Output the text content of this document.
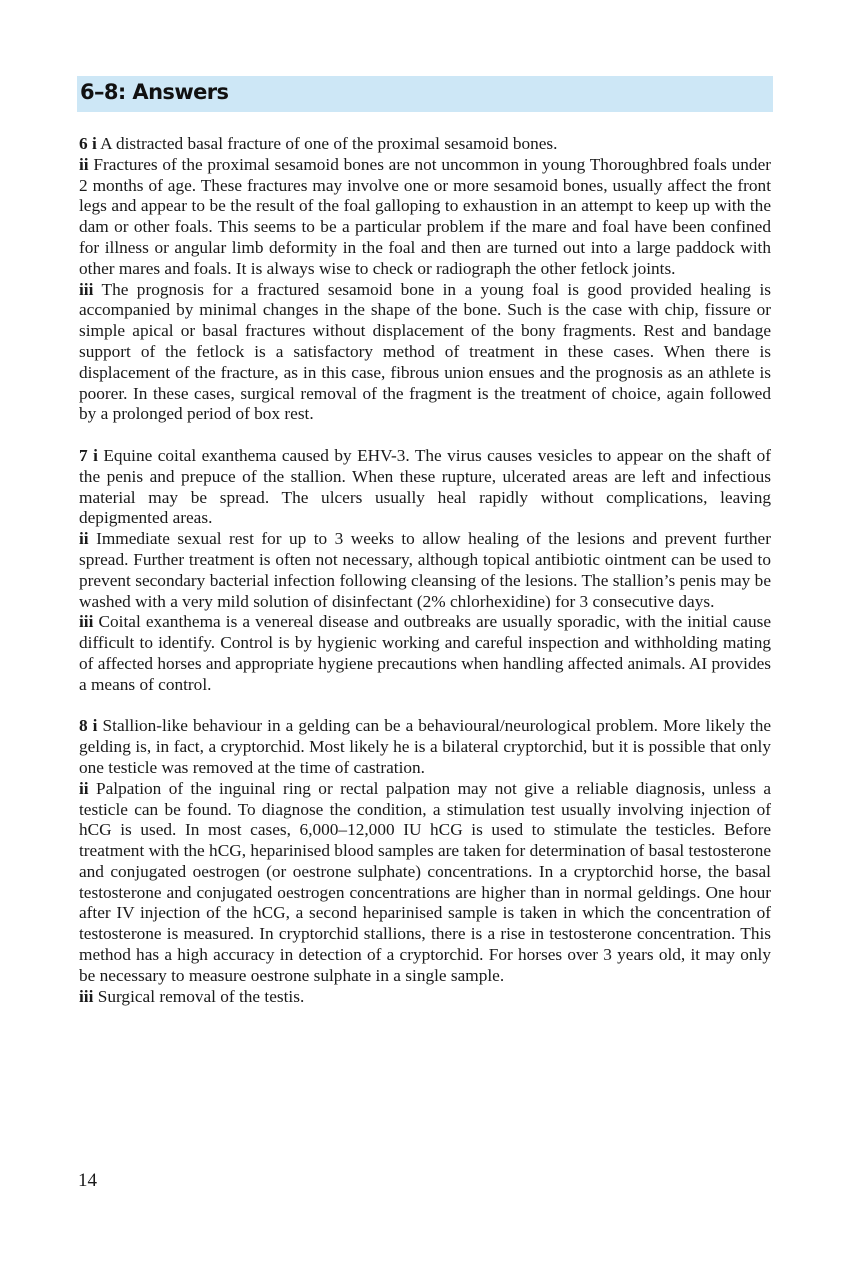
6–8: Answers

6 i A distracted basal fracture of one of the proximal sesamoid bones.

ii Fractures of the proximal sesamoid bones are not uncommon in young Thoroughbred foals under 2 months of age. These fractures may involve one or more sesamoid bones, usually affect the front legs and appear to be the result of the foal galloping to exhaustion in an attempt to keep up with the dam or other foals. This seems to be a particular problem if the mare and foal have been confined for illness or angular limb deformity in the foal and then are turned out into a large paddock with other mares and foals. It is always wise to check or radiograph the other fetlock joints.

iii The prognosis for a fractured sesamoid bone in a young foal is good provided healing is accompanied by minimal changes in the shape of the bone. Such is the case with chip, fissure or simple apical or basal fractures without displacement of the bony fragments. Rest and bandage support of the fetlock is a satisfactory method of treatment in these cases. When there is displacement of the fracture, as in this case, fibrous union ensues and the prognosis as an athlete is poorer. In these cases, surgical removal of the fragment is the treatment of choice, again followed by a prolonged period of box rest.

7 i Equine coital exanthema caused by EHV-3. The virus causes vesicles to appear on the shaft of the penis and prepuce of the stallion. When these rupture, ulcerated areas are left and infectious material may be spread. The ulcers usually heal rapidly without complications, leaving depigmented areas.

ii Immediate sexual rest for up to 3 weeks to allow healing of the lesions and prevent further spread. Further treatment is often not necessary, although topical antibiotic ointment can be used to prevent secondary bacterial infection following cleansing of the lesions. The stallion’s penis may be washed with a very mild solution of disinfectant (2% chlorhexidine) for 3 consecutive days.

iii Coital exanthema is a venereal disease and outbreaks are usually sporadic, with the initial cause difficult to identify. Control is by hygienic working and careful inspection and withholding mating of affected horses and appropriate hygiene precautions when handling affected animals. AI provides a means of control.

8 i Stallion-like behaviour in a gelding can be a behavioural/neurological problem. More likely the gelding is, in fact, a cryptorchid. Most likely he is a bilateral cryptorchid, but it is possible that only one testicle was removed at the time of castration.

ii Palpation of the inguinal ring or rectal palpation may not give a reliable diagnosis, unless a testicle can be found. To diagnose the condition, a stimulation test usually involving injection of hCG is used. In most cases, 6,000–12,000 IU hCG is used to stimulate the testicles. Before treatment with the hCG, heparinised blood samples are taken for determination of basal testosterone and conjugated oestrogen (or oestrone sulphate) concentrations. In a cryptorchid horse, the basal testosterone and conjugated oestrogen concentrations are higher than in normal geldings. One hour after IV injection of the hCG, a second heparinised sample is taken in which the concentration of testosterone is measured. In cryptorchid stallions, there is a rise in testosterone concentration. This method has a high accuracy in detection of a cryptorchid. For horses over 3 years old, it may only be necessary to measure oestrone sulphate in a single sample.

iii Surgical removal of the testis.

14
